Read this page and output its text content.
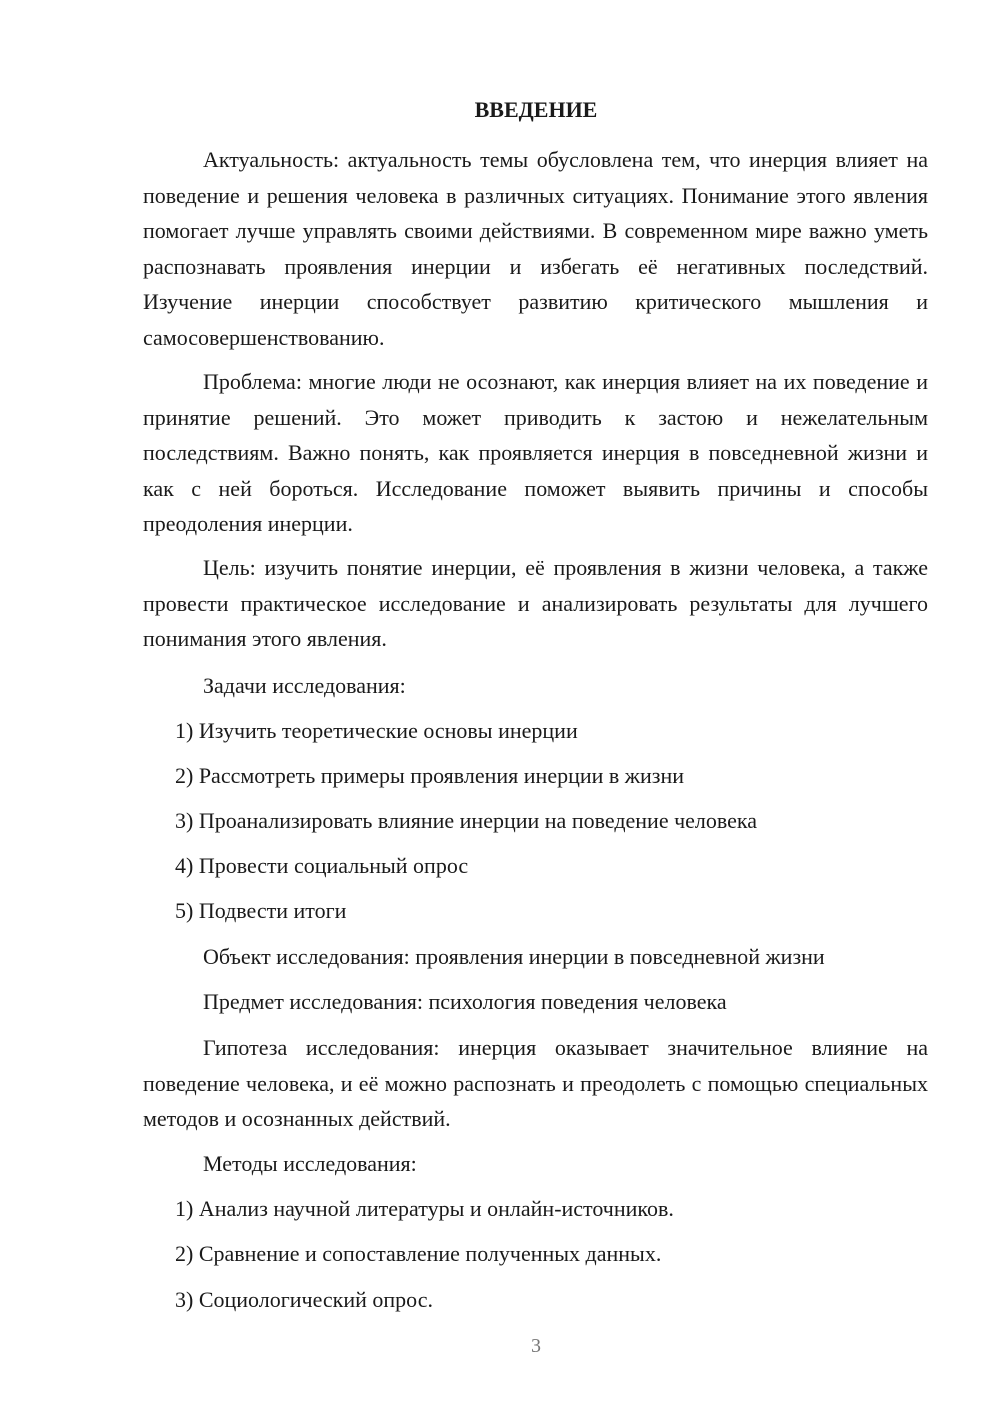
ВВЕДЕНИЕ

Актуальность: актуальность темы обусловлена тем, что инерция влияет на поведение и решения человека в различных ситуациях. Понимание этого явления помогает лучше управлять своими действиями. В современном мире важно уметь распознавать проявления инерции и избегать её негативных последствий. Изучение инерции способствует развитию критического мышления и самосовершенствованию.

Проблема: многие люди не осознают, как инерция влияет на их поведение и принятие решений. Это может приводить к застою и нежелательным последствиям. Важно понять, как проявляется инерция в повседневной жизни и как с ней бороться. Исследование поможет выявить причины и способы преодоления инерции.

Цель: изучить понятие инерции, её проявления в жизни человека, а также провести практическое исследование и анализировать результаты для лучшего понимания этого явления.

Задачи исследования:

1) Изучить теоретические основы инерции

2) Рассмотреть примеры проявления инерции в жизни

3) Проанализировать влияние инерции на поведение человека

4) Провести социальный опрос

5) Подвести итоги

Объект исследования: проявления инерции в повседневной жизни

Предмет исследования: психология поведения человека

Гипотеза исследования: инерция оказывает значительное влияние на поведение человека, и её можно распознать и преодолеть с помощью специальных методов и осознанных действий.

Методы исследования:

1) Анализ научной литературы и онлайн-источников.

2) Сравнение и сопоставление полученных данных.

3) Социологический опрос.

3
